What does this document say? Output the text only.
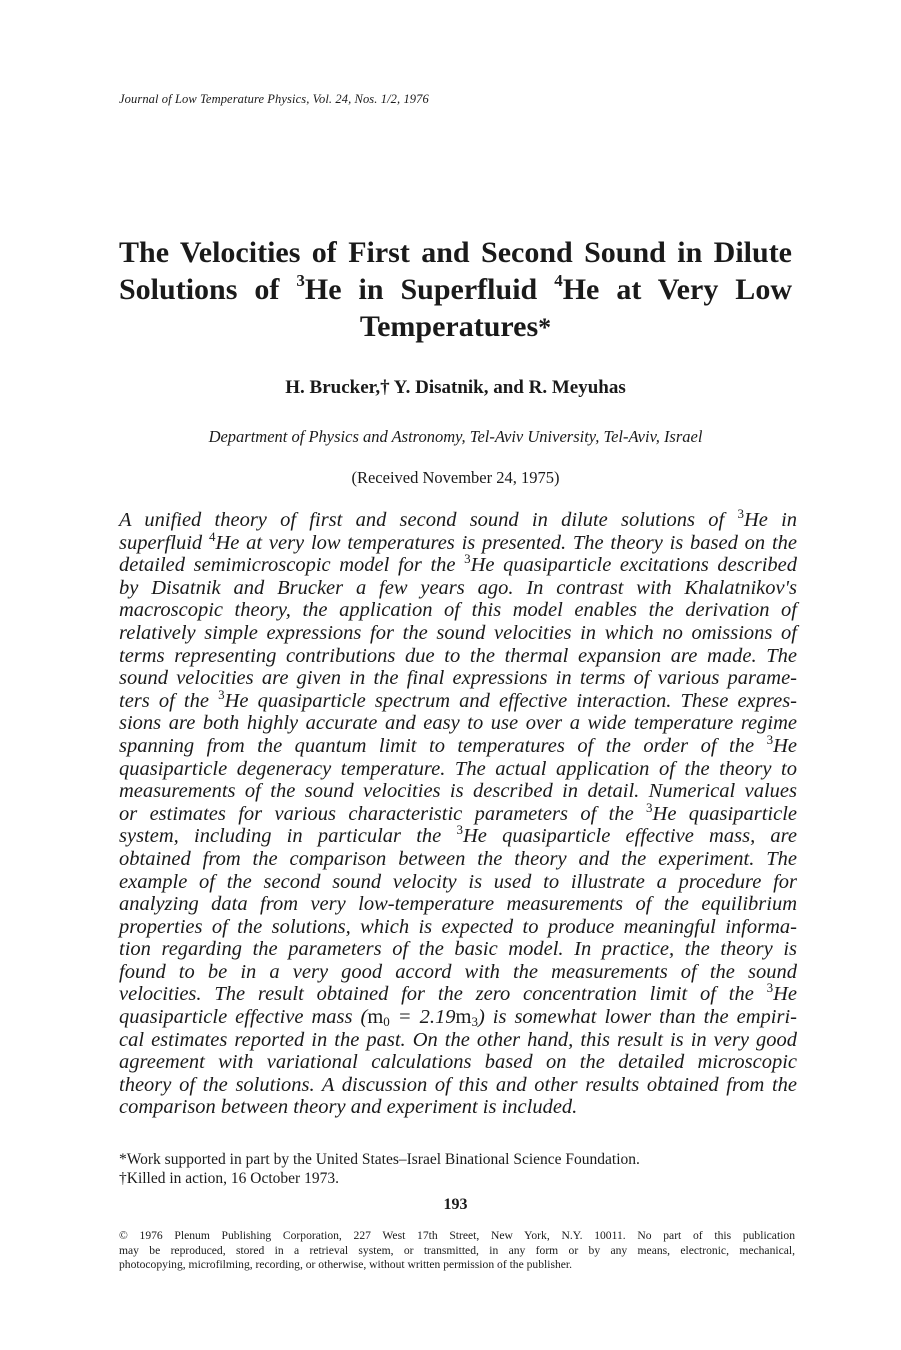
Journal of Low Temperature Physics, Vol. 24, Nos. 1/2, 1976
The Velocities of First and Second Sound in Dilute
Solutions of $^3$He in Superfluid $^4$He at Very Low
Temperatures*
H. Brucker,† Y. Disatnik, and R. Meyuhas
Department of Physics and Astronomy, Tel-Aviv University, Tel-Aviv, Israel
(Received November 24, 1975)
A unified theory of first and second sound in dilute solutions of $^3$He in
superfluid $^4$He at very low temperatures is presented. The theory is based on the
detailed semimicroscopic model for the $^3$He quasiparticle excitations described
by Disatnik and Brucker a few years ago. In contrast with Khalatnikov's
macroscopic theory, the application of this model enables the derivation of
relatively simple expressions for the sound velocities in which no omissions of
terms representing contributions due to the thermal expansion are made. The
sound velocities are given in the final expressions in terms of various parame-
ters of the $^3$He quasiparticle spectrum and effective interaction. These expres-
sions are both highly accurate and easy to use over a wide temperature regime
spanning from the quantum limit to temperatures of the order of the $^3$He
quasiparticle degeneracy temperature. The actual application of the theory to
measurements of the sound velocities is described in detail. Numerical values
or estimates for various characteristic parameters of the $^3$He quasiparticle
system, including in particular the $^3$He quasiparticle effective mass, are
obtained from the comparison between the theory and the experiment. The
example of the second sound velocity is used to illustrate a procedure for
analyzing data from very low-temperature measurements of the equilibrium
properties of the solutions, which is expected to produce meaningful informa-
tion regarding the parameters of the basic model. In practice, the theory is
found to be in a very good accord with the measurements of the sound
velocities. The result obtained for the zero concentration limit of the $^3$He
quasiparticle effective mass $(m_0 = 2.19m_3)$ is somewhat lower than the empiri-
cal estimates reported in the past. On the other hand, this result is in very good
agreement with variational calculations based on the detailed microscopic
theory of the solutions. A discussion of this and other results obtained from the
comparison between theory and experiment is included.
*Work supported in part by the United States–Israel Binational Science Foundation.
†Killed in action, 16 October 1973.
193
© 1976 Plenum Publishing Corporation, 227 West 17th Street, New York, N.Y. 10011. No part of this publication
may be reproduced, stored in a retrieval system, or transmitted, in any form or by any means, electronic, mechanical,
photocopying, microfilming, recording, or otherwise, without written permission of the publisher.
